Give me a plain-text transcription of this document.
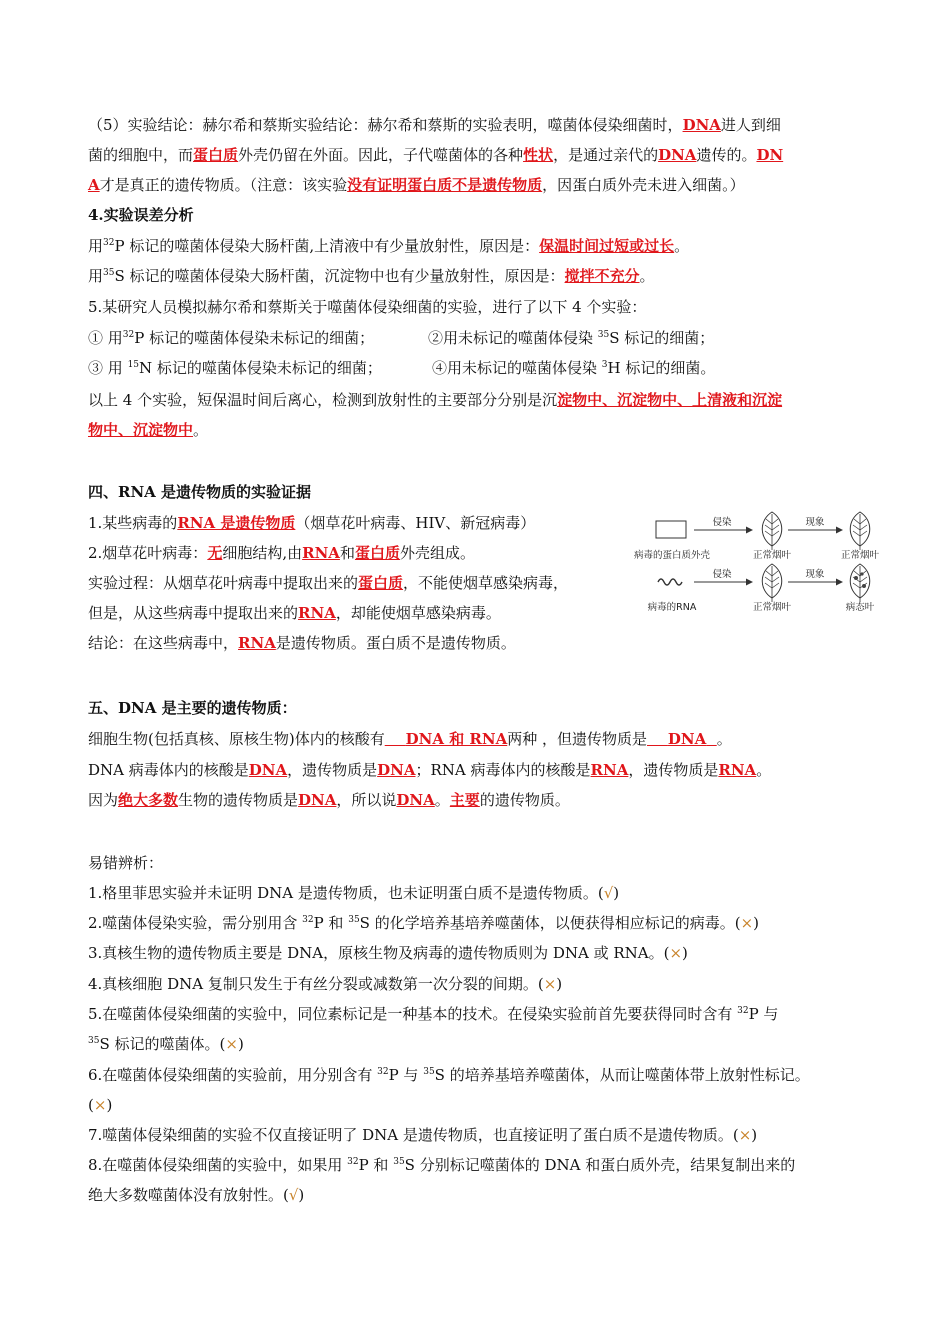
（5）实验结论：赫尔希和蔡斯实验结论：赫尔希和蔡斯的实验表明，噬菌体侵染细菌时，DNA进人到细
菌的细胞中，而蛋白质外壳仍留在外面。因此，子代噬菌体的各种性状，是通过亲代的DNA遗传的。DN
A才是真正的遗传物质。（注意：该实验没有证明蛋白质不是遗传物质，因蛋白质外壳未进入细菌。）
4.实验误差分析
用$^{32}$P 标记的噬菌体侵染大肠杆菌,上清液中有少量放射性，原因是：保温时间过短或过长。
用$^{35}$S 标记的噬菌体侵染大肠杆菌，沉淀物中也有少量放射性，原因是：搅拌不充分。
5.某研究人员模拟赫尔希和蔡斯关于噬菌体侵染细菌的实验，进行了以下 4 个实验：
① 用$^{32}$P 标记的噬菌体侵染未标记的细菌；	②用未标记的噬菌体侵染 $^{35}$S 标记的细菌；
③ 用 $^{15}$N 标记的噬菌体侵染未标记的细菌；	④用未标记的噬菌体侵染 $^3$H 标记的细菌。
以上 4 个实验，短保温时间后离心，检测到放射性的主要部分分别是沉淀物中、沉淀物中、上清液和沉淀
物中、沉淀物中。
四、RNA 是遗传物质的实验证据
1.某些病毒的RNA 是遗传物质（烟草花叶病毒、HIV、新冠病毒）
2.烟草花叶病毒：无细胞结构,由RNA和蛋白质外壳组成。
实验过程：从烟草花叶病毒中提取出来的蛋白质，不能使烟草感染病毒，
但是，从这些病毒中提取出来的RNA，却能使烟草感染病毒。
结论：在这些病毒中，RNA是遗传物质。蛋白质不是遗传物质。
侵染	现象
病毒的蛋白质外壳	正常烟叶	正常烟叶
侵染	现象
病毒的RNA	正常烟叶	病态叶
五、DNA 是主要的遗传物质：
细胞生物(包括真核、原核生物)体内的核酸有 DNA 和 RNA两种 ，但遗传物质是 DNA 。
DNA 病毒体内的核酸是DNA，遗传物质是DNA；RNA 病毒体内的核酸是RNA，遗传物质是RNA。
因为绝大多数生物的遗传物质是DNA，所以说DNA。主要的遗传物质。
易错辨析：
1.格里菲思实验并未证明 DNA 是遗传物质，也未证明蛋白质不是遗传物质。(√)
2.噬菌体侵染实验，需分别用含 $^{32}$P 和 $^{35}$S 的化学培养基培养噬菌体，以便获得相应标记的病毒。(×)
3.真核生物的遗传物质主要是 DNA，原核生物及病毒的遗传物质则为 DNA 或 RNA。(×)
4.真核细胞 DNA 复制只发生于有丝分裂或减数第一次分裂的间期。(×)
5.在噬菌体侵染细菌的实验中，同位素标记是一种基本的技术。在侵染实验前首先要获得同时含有 $^{32}$P 与
$^{35}$S 标记的噬菌体。(×)
6.在噬菌体侵染细菌的实验前，用分别含有 $^{32}$P 与 $^{35}$S 的培养基培养噬菌体，从而让噬菌体带上放射性标记。
(×)
7.噬菌体侵染细菌的实验不仅直接证明了 DNA 是遗传物质，也直接证明了蛋白质不是遗传物质。(×)
8.在噬菌体侵染细菌的实验中，如果用 $^{32}$P 和 $^{35}$S 分别标记噬菌体的 DNA 和蛋白质外壳，结果复制出来的
绝大多数噬菌体没有放射性。(√)
